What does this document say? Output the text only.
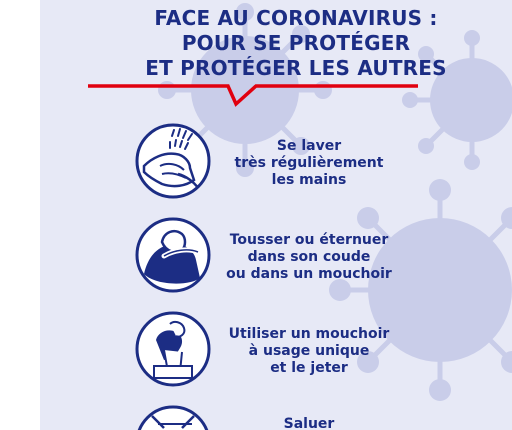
FACE AU CORONAVIRUS :
POUR SE PROTÉGER
ET PROTÉGER LES AUTRES
Se laver
très régulièrement
les mains
Tousser ou éternuer
dans son coude
ou dans un mouchoir
Utiliser un mouchoir
à usage unique
et le jeter
Saluer
